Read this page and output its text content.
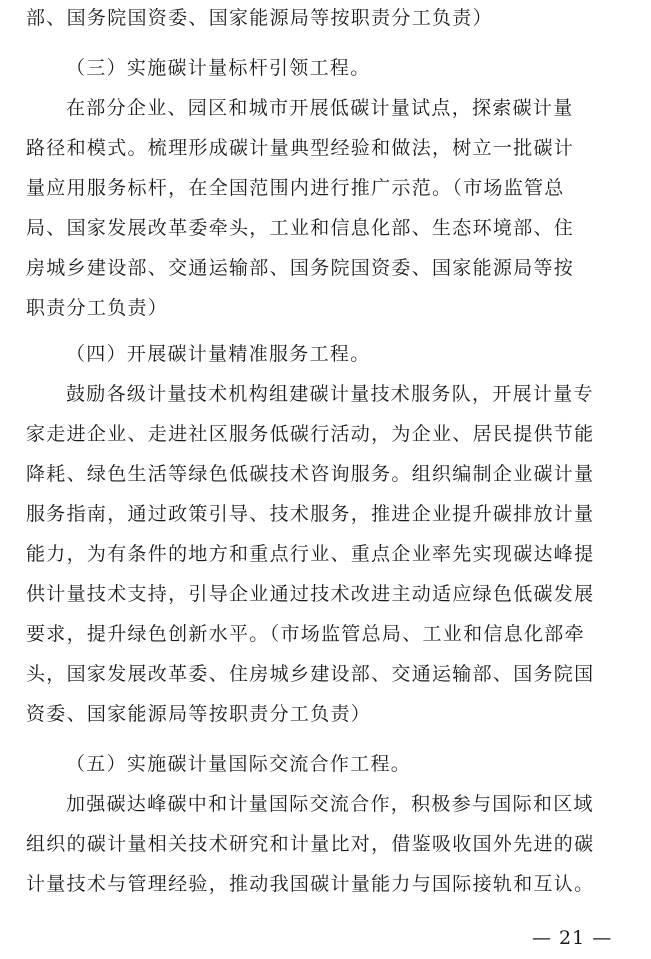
部、国务院国资委、国家能源局等按职责分工负责）
（三）实施碳计量标杆引领工程。
在部分企业、园区和城市开展低碳计量试点，探索碳计量
路径和模式。梳理形成碳计量典型经验和做法，树立一批碳计
量应用服务标杆，在全国范围内进行推广示范。（市场监管总
局、国家发展改革委牵头，工业和信息化部、生态环境部、住
房城乡建设部、交通运输部、国务院国资委、国家能源局等按
职责分工负责）
（四）开展碳计量精准服务工程。
鼓励各级计量技术机构组建碳计量技术服务队，开展计量专
家走进企业、走进社区服务低碳行活动，为企业、居民提供节能
降耗、绿色生活等绿色低碳技术咨询服务。组织编制企业碳计量
服务指南，通过政策引导、技术服务，推进企业提升碳排放计量
能力，为有条件的地方和重点行业、重点企业率先实现碳达峰提
供计量技术支持，引导企业通过技术改进主动适应绿色低碳发展
要求，提升绿色创新水平。（市场监管总局、工业和信息化部牵
头，国家发展改革委、住房城乡建设部、交通运输部、国务院国
资委、国家能源局等按职责分工负责）
（五）实施碳计量国际交流合作工程。
加强碳达峰碳中和计量国际交流合作，积极参与国际和区域
组织的碳计量相关技术研究和计量比对，借鉴吸收国外先进的碳
计量技术与管理经验，推动我国碳计量能力与国际接轨和互认。
— 21 —
